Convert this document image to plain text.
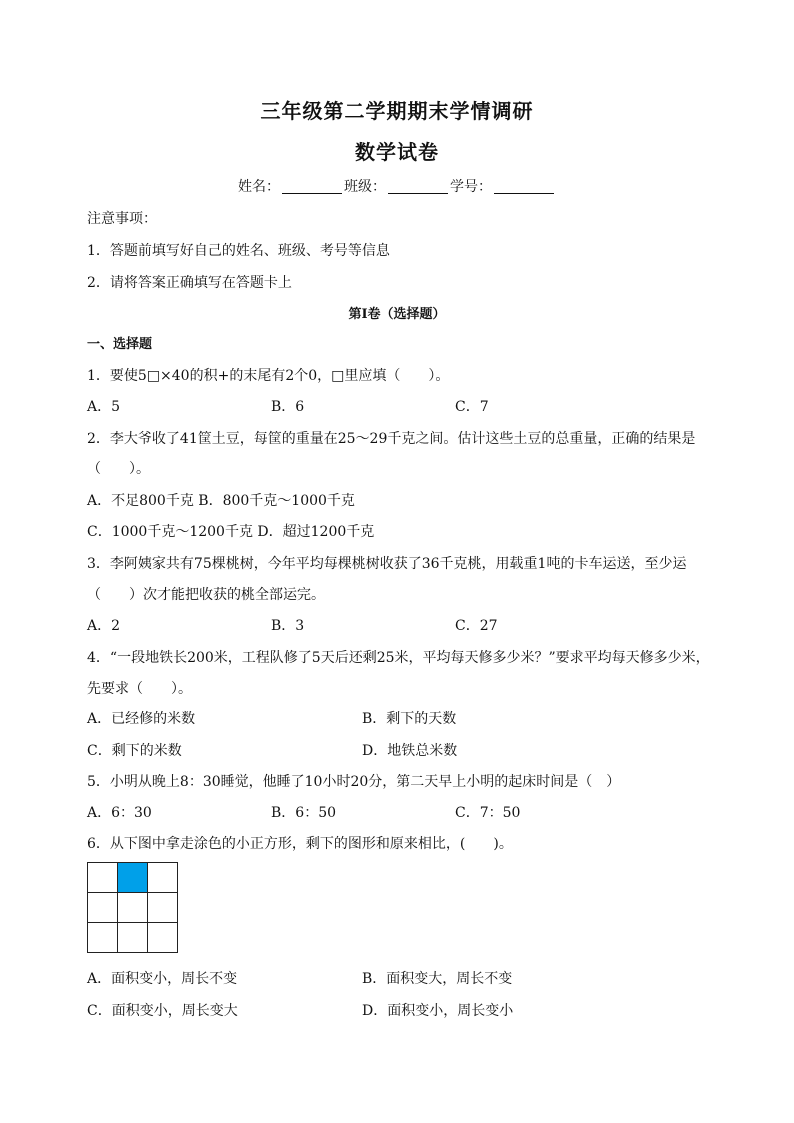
三年级第二学期期末学情调研
数学试卷
姓名：	班级：	学号：
注意事项：
1．答题前填写好自己的姓名、班级、考号等信息
2．请将答案正确填写在答题卡上
第I卷（选择题）
一、选择题
1．要使5□×40的积+的末尾有2个0，□里应填（　　）。
A．5	B．6	C．7
2．李大爷收了41筐土豆，每筐的重量在25～29千克之间。估计这些土豆的总重量，正确的结果是
（　　）。
A．不足800千克 B．800千克～1000千克
C．1000千克～1200千克 D．超过1200千克
3．李阿姨家共有75棵桃树，今年平均每棵桃树收获了36千克桃，用载重1吨的卡车运送，至少运
（　　）次才能把收获的桃全部运完。
A．2	B．3	C．27
4．“一段地铁长200米，工程队修了5天后还剩25米，平均每天修多少米？”要求平均每天修多少米，
先要求（　　）。
A．已经修的米数	B．剩下的天数
C．剩下的米数	D．地铁总米数
5．小明从晚上8：30睡觉，他睡了10小时20分，第二天早上小明的起床时间是（　）
A．6：30	B．6：50	C．7：50
6．从下图中拿走涂色的小正方形，剩下的图形和原来相比，(　　)。
A．面积变小，周长不变	B．面积变大，周长不变
C．面积变小，周长变大	D．面积变小，周长变小
